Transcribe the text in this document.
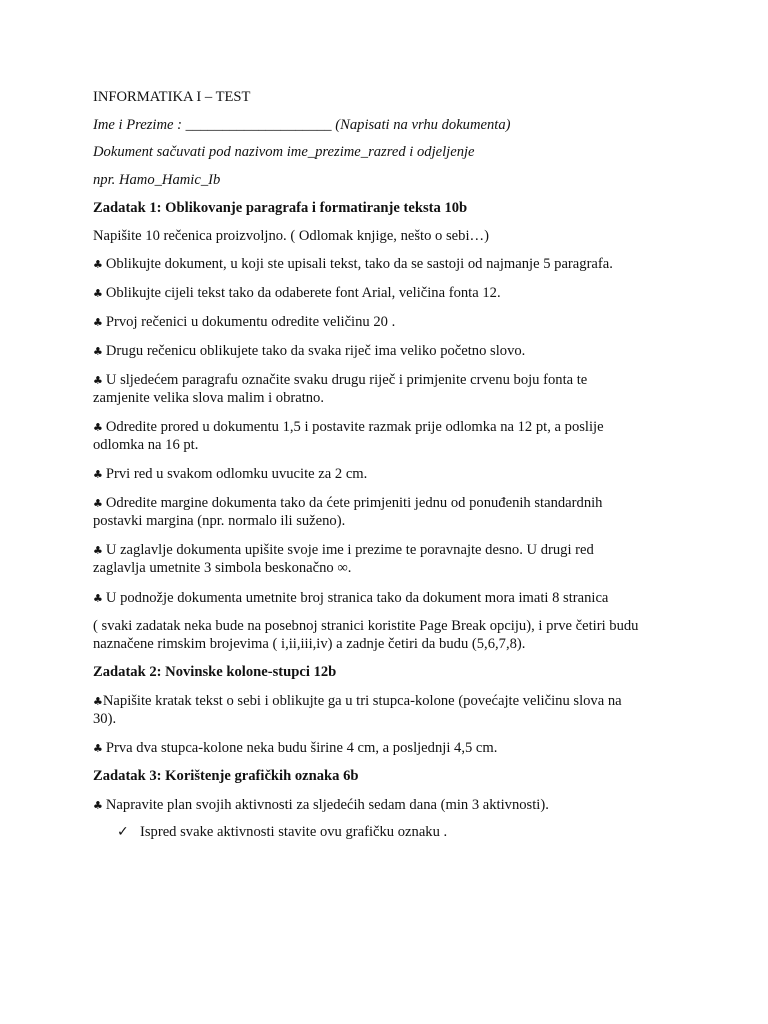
INFORMATIKA I – TEST
Ime i Prezime : ____________________ (Napisati na vrhu dokumenta)
Dokument sačuvati pod nazivom ime_prezime_razred i odjeljenje
npr. Hamo_Hamic_Ib
Zadatak 1: Oblikovanje paragrafa i formatiranje teksta 10b
Napišite 10 rečenica proizvoljno. ( Odlomak knjige, nešto o sebi…)
♣ Oblikujte dokument, u koji ste upisali tekst, tako da se sastoji od najmanje 5 paragrafa.
♣ Oblikujte cijeli tekst tako da odaberete font Arial, veličina fonta 12.
♣ Prvoj rečenici u dokumentu odredite veličinu 20 .
♣ Drugu rečenicu oblikujete tako da svaka riječ ima veliko početno slovo.
♣ U sljedećem paragrafu označite svaku drugu riječ i primjenite crvenu boju fonta te
zamjenite velika slova malim i obratno.
♣ Odredite prored u dokumentu 1,5 i postavite razmak prije odlomka na 12 pt, a poslije
odlomka na 16 pt.
♣ Prvi red u svakom odlomku uvucite za 2 cm.
♣ Odredite margine dokumenta tako da ćete primjeniti jednu od ponuđenih standardnih
postavki margina (npr. normalo ili suženo).
♣ U zaglavlje dokumenta upišite svoje ime i prezime te poravnajte desno. U drugi red
zaglavlja umetnite 3 simbola beskonačno ∞.
♣ U podnožje dokumenta umetnite broj stranica tako da dokument mora imati 8 stranica
( svaki zadatak neka bude na posebnoj stranici koristite Page Break opciju), i prve četiri budu
naznačene rimskim brojevima ( i,ii,iii,iv) a zadnje četiri da budu (5,6,7,8).
Zadatak 2: Novinske kolone-stupci 12b
♣Napišite kratak tekst o sebi i oblikujte ga u tri stupca-kolone (povećajte veličinu slova na
30).
♣ Prva dva stupca-kolone neka budu širine 4 cm, a posljednji 4,5 cm.
Zadatak 3: Korištenje grafičkih oznaka 6b
♣ Napravite plan svojih aktivnosti za sljedećih sedam dana (min 3 aktivnosti).
✓ Ispred svake aktivnosti stavite ovu grafičku oznaku .
